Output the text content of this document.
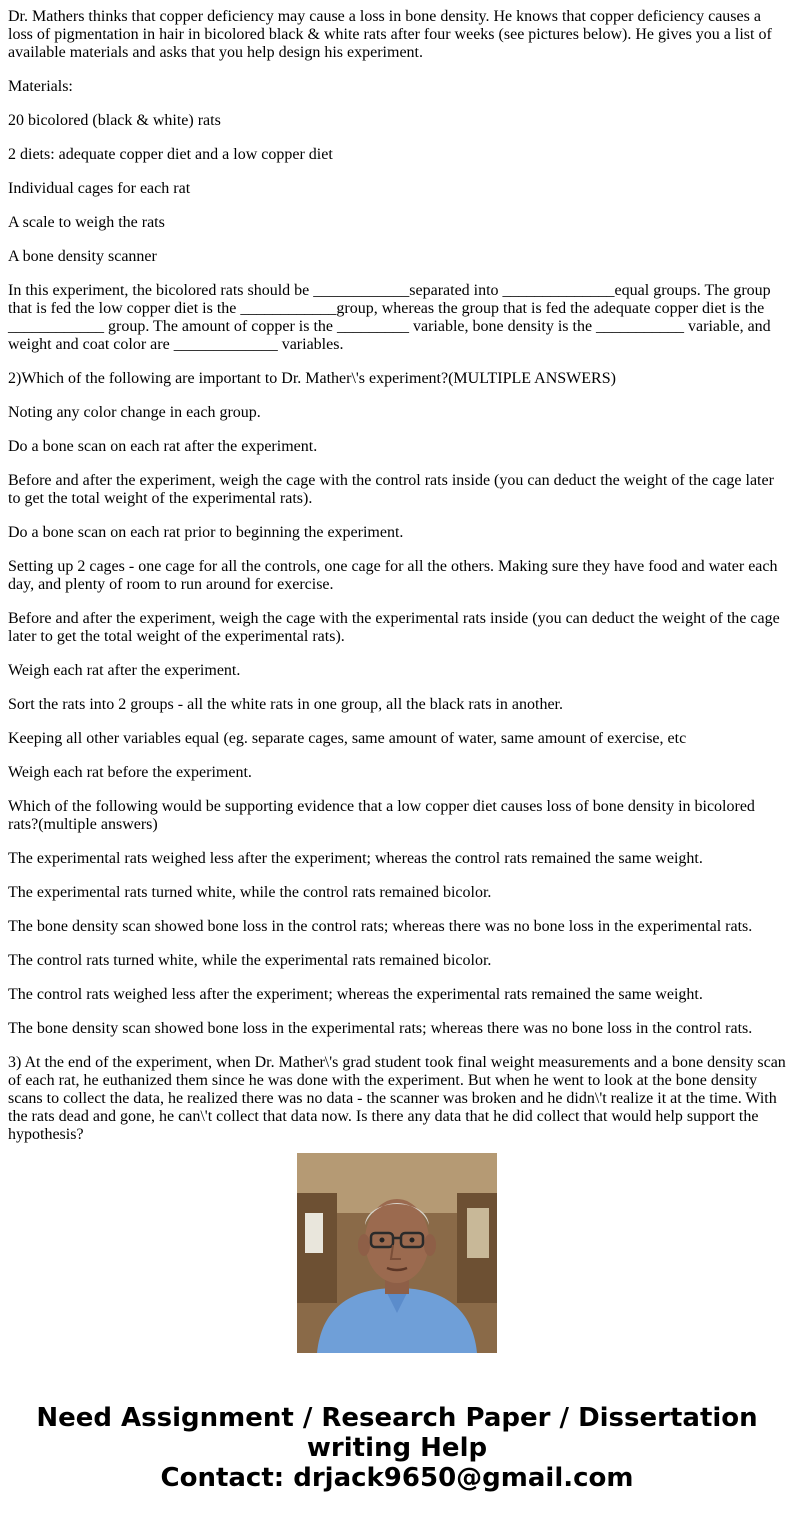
Dr. Mathers thinks that copper deficiency may cause a loss in bone density. He knows that copper deficiency causes a loss of pigmentation in hair in bicolored black & white rats after four weeks (see pictures below). He gives you a list of available materials and asks that you help design his experiment.

Materials:

20 bicolored (black & white) rats

2 diets: adequate copper diet and a low copper diet

Individual cages for each rat

A scale to weigh the rats

A bone density scanner

In this experiment, the bicolored rats should be ____________separated into ______________equal groups. The group that is fed the low copper diet is the ____________group, whereas the group that is fed the adequate copper diet is the ____________ group. The amount of copper is the _________ variable, bone density is the ___________ variable, and weight and coat color are _____________ variables.

2)Which of the following are important to Dr. Mather\'s experiment?(MULTIPLE ANSWERS)

Noting any color change in each group.

Do a bone scan on each rat after the experiment.

Before and after the experiment, weigh the cage with the control rats inside (you can deduct the weight of the cage later to get the total weight of the experimental rats).

Do a bone scan on each rat prior to beginning the experiment.

Setting up 2 cages - one cage for all the controls, one cage for all the others. Making sure they have food and water each day, and plenty of room to run around for exercise.

Before and after the experiment, weigh the cage with the experimental rats inside (you can deduct the weight of the cage later to get the total weight of the experimental rats).

Weigh each rat after the experiment.

Sort the rats into 2 groups - all the white rats in one group, all the black rats in another.

Keeping all other variables equal (eg. separate cages, same amount of water, same amount of exercise, etc

Weigh each rat before the experiment.

Which of the following would be supporting evidence that a low copper diet causes loss of bone density in bicolored rats?(multiple answers)

The experimental rats weighed less after the experiment; whereas the control rats remained the same weight.

The experimental rats turned white, while the control rats remained bicolor.

The bone density scan showed bone loss in the control rats; whereas there was no bone loss in the experimental rats.

The control rats turned white, while the experimental rats remained bicolor.

The control rats weighed less after the experiment; whereas the experimental rats remained the same weight.

The bone density scan showed bone loss in the experimental rats; whereas there was no bone loss in the control rats.

3) At the end of the experiment, when Dr. Mather\'s grad student took final weight measurements and a bone density scan of each rat, he euthanized them since he was done with the experiment. But when he went to look at the bone density scans to collect the data, he realized there was no data - the scanner was broken and he didn\'t realize it at the time. With the rats dead and gone, he can\'t collect that data now. Is there any data that he did collect that would help support the hypothesis?

Need Assignment / Research Paper / Dissertation writing Help
Contact: drjack9650@gmail.com
